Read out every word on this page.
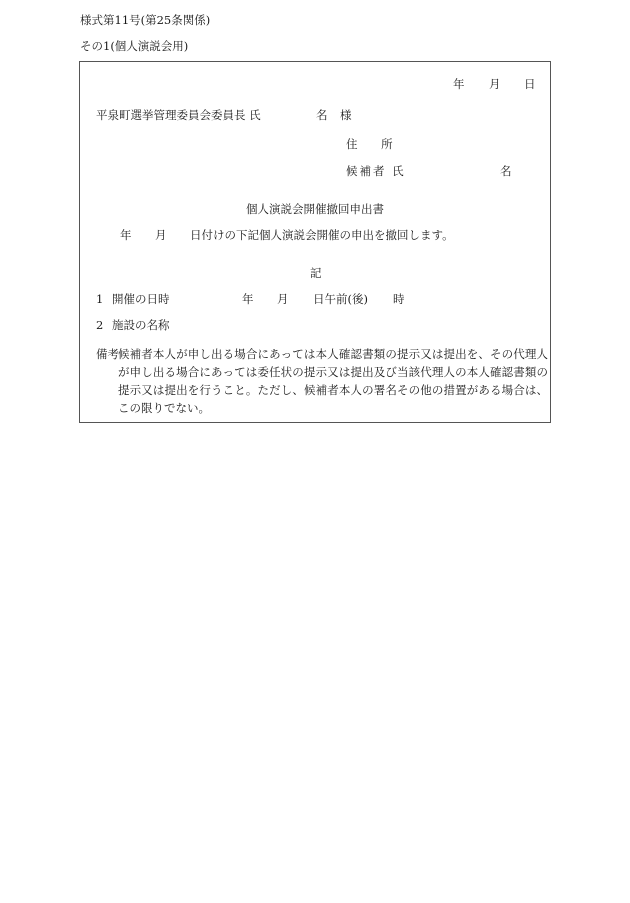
様式第11号(第25条関係)
その1(個人演説会用)
年 月 日
平泉町選挙管理委員会委員長 氏	名 様
住 所
候補者 氏	名
個人演説会開催撤回申出書
年 月 日付けの下記個人演説会開催の申出を撤回します。
記
1 開催の日時	年 月 日午前(後) 時
2 施設の名称
備考 候補者本人が申し出る場合にあっては本人確認書類の提示又は提出を、その代理人が申し出る場合にあっては委任状の提示又は提出及び当該代理人の本人確認書類の提示又は提出を行うこと。ただし、候補者本人の署名その他の措置がある場合は、この限りでない。
